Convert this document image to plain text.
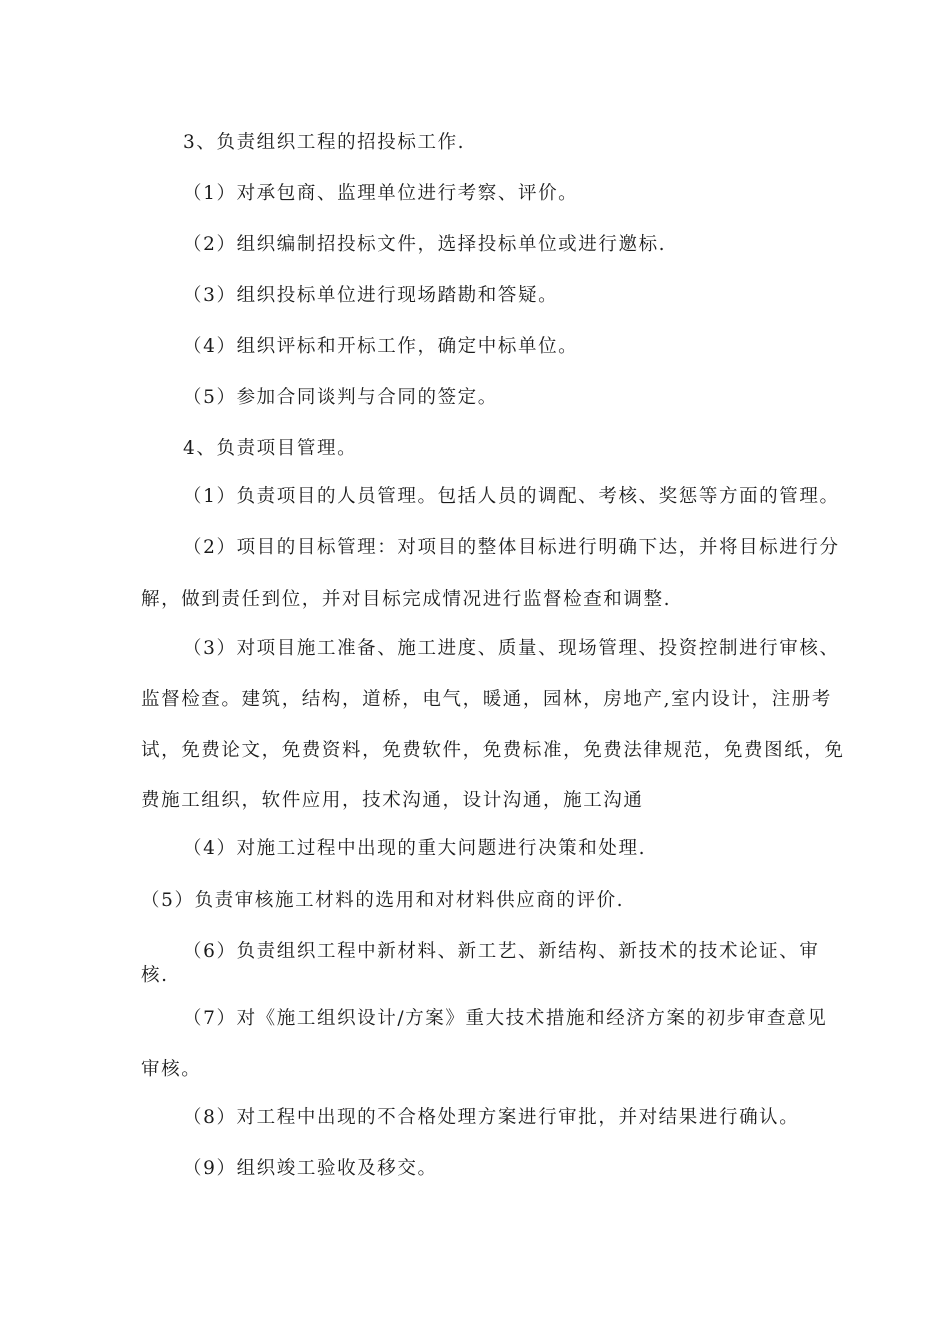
3、负责组织工程的招投标工作.
（1）对承包商、监理单位进行考察、评价。
（2）组织编制招投标文件，选择投标单位或进行邀标.
（3）组织投标单位进行现场踏勘和答疑。
（4）组织评标和开标工作，确定中标单位。
（5）参加合同谈判与合同的签定。
4、负责项目管理。
（1）负责项目的人员管理。包括人员的调配、考核、奖惩等方面的管理。
（2）项目的目标管理：对项目的整体目标进行明确下达，并将目标进行分
解，做到责任到位，并对目标完成情况进行监督检查和调整.
（3）对项目施工准备、施工进度、质量、现场管理、投资控制进行审核、
监督检查。建筑，结构，道桥，电气，暖通，园林，房地产,室内设计，注册考
试，免费论文，免费资料，免费软件，免费标准，免费法律规范，免费图纸，免
费施工组织，软件应用，技术沟通，设计沟通，施工沟通
（4）对施工过程中出现的重大问题进行决策和处理.
（5）负责审核施工材料的选用和对材料供应商的评价.
（6）负责组织工程中新材料、新工艺、新结构、新技术的技术论证、审
核.
（7）对《施工组织设计/方案》重大技术措施和经济方案的初步审查意见
审核。
（8）对工程中出现的不合格处理方案进行审批，并对结果进行确认。
（9）组织竣工验收及移交。
